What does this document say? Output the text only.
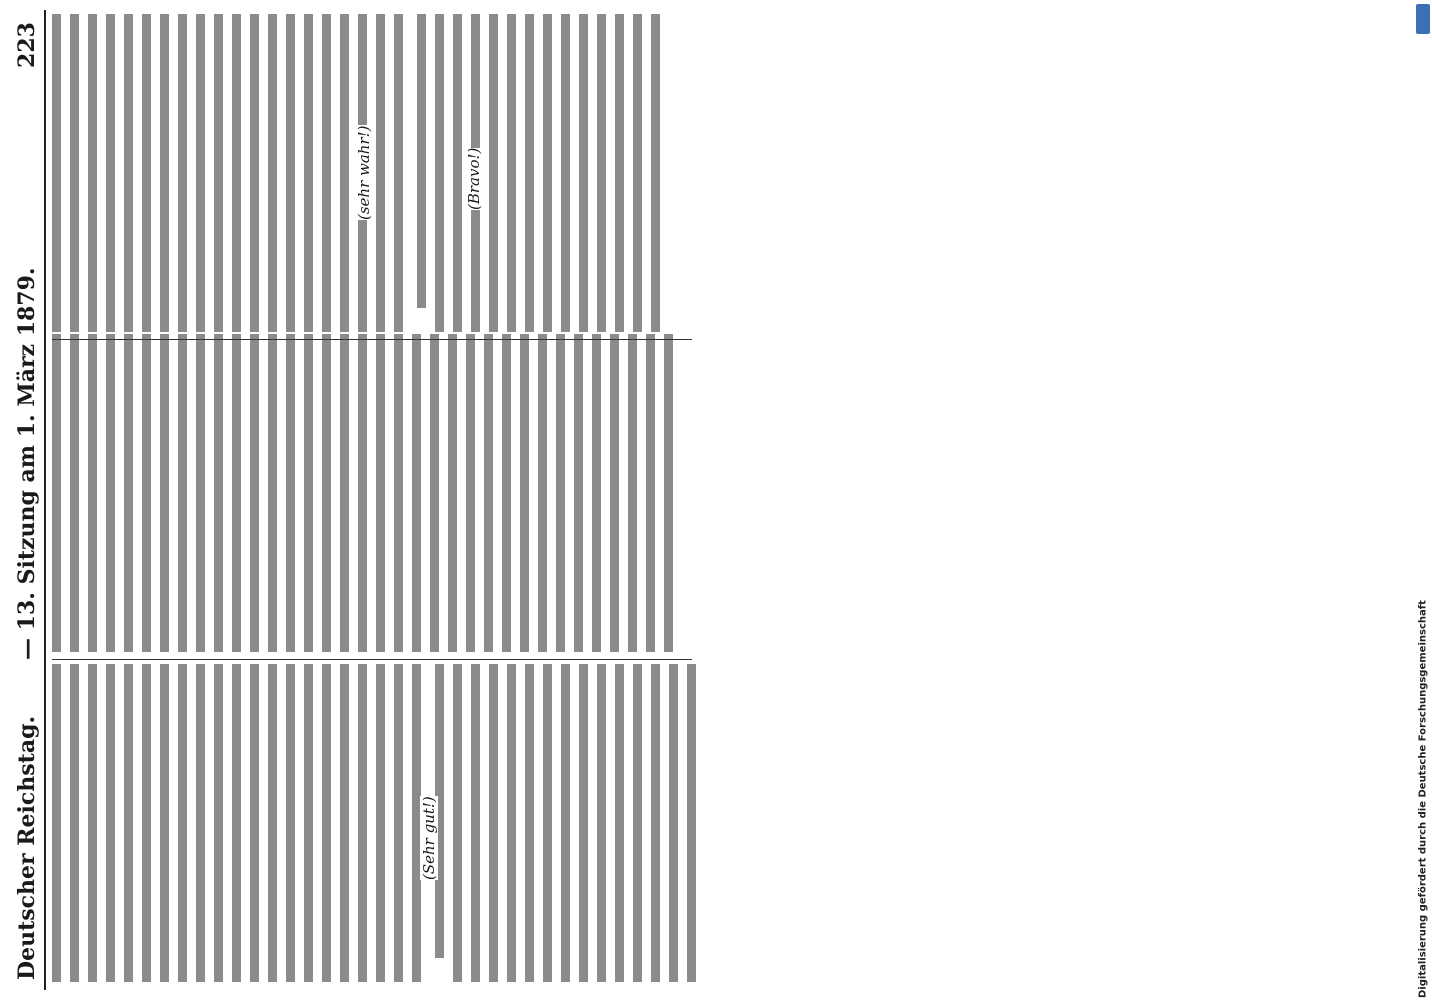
Deutscher Reichstag.
— 13. Sitzung am 1. März 1879.
223
(Sehr gut!)
(sehr wahr!)	(Bravo!)
Digitalisierung gefördert durch die Deutsche Forschungsgemeinschaft
